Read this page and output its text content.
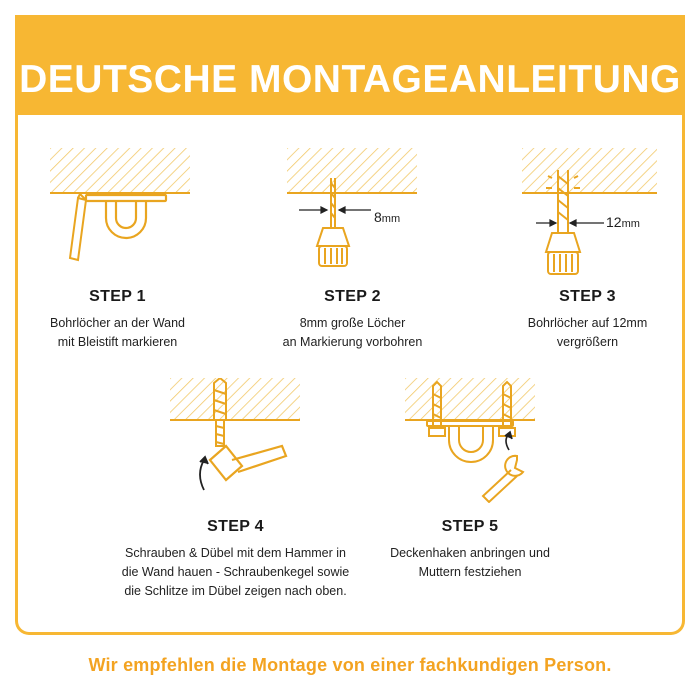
DEUTSCHE MONTAGEANLEITUNG
8mm	12mm
STEP 1
Bohrlöcher an der Wand
mit Bleistift markieren
STEP 2
8mm große Löcher
an Markierung vorbohren
STEP 3
Bohrlöcher auf 12mm
vergrößern
STEP 4
Schrauben & Dübel mit dem Hammer in
die Wand hauen - Schraubenkegel sowie
die Schlitze im Dübel zeigen nach oben.
STEP 5
Deckenhaken anbringen und
Muttern festziehen
Wir empfehlen die Montage von einer fachkundigen Person.
